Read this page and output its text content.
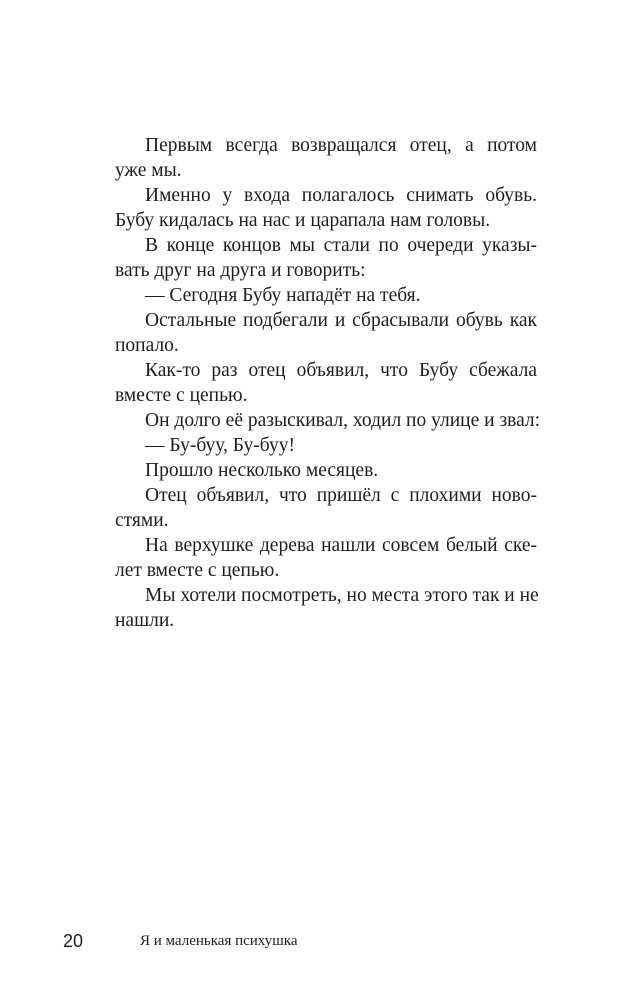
Первым всегда возвращался отец, а потом
уже мы.
Именно у входа полагалось снимать обувь.
Бубу кидалась на нас и царапала нам головы.
В конце концов мы стали по очереди указы-
вать друг на друга и говорить:
— Сегодня Бубу нападёт на тебя.
Остальные подбегали и сбрасывали обувь как
попало.
Как-то раз отец объявил, что Бубу сбежала
вместе с цепью.
Он долго её разыскивал, ходил по улице и звал:
— Бу-буу, Бу-буу!
Прошло несколько месяцев.
Отец объявил, что пришёл с плохими ново-
стями.
На верхушке дерева нашли совсем белый ске-
лет вместе с цепью.
Мы хотели посмотреть, но места этого так и не
нашли.
20	Я и маленькая психушка
